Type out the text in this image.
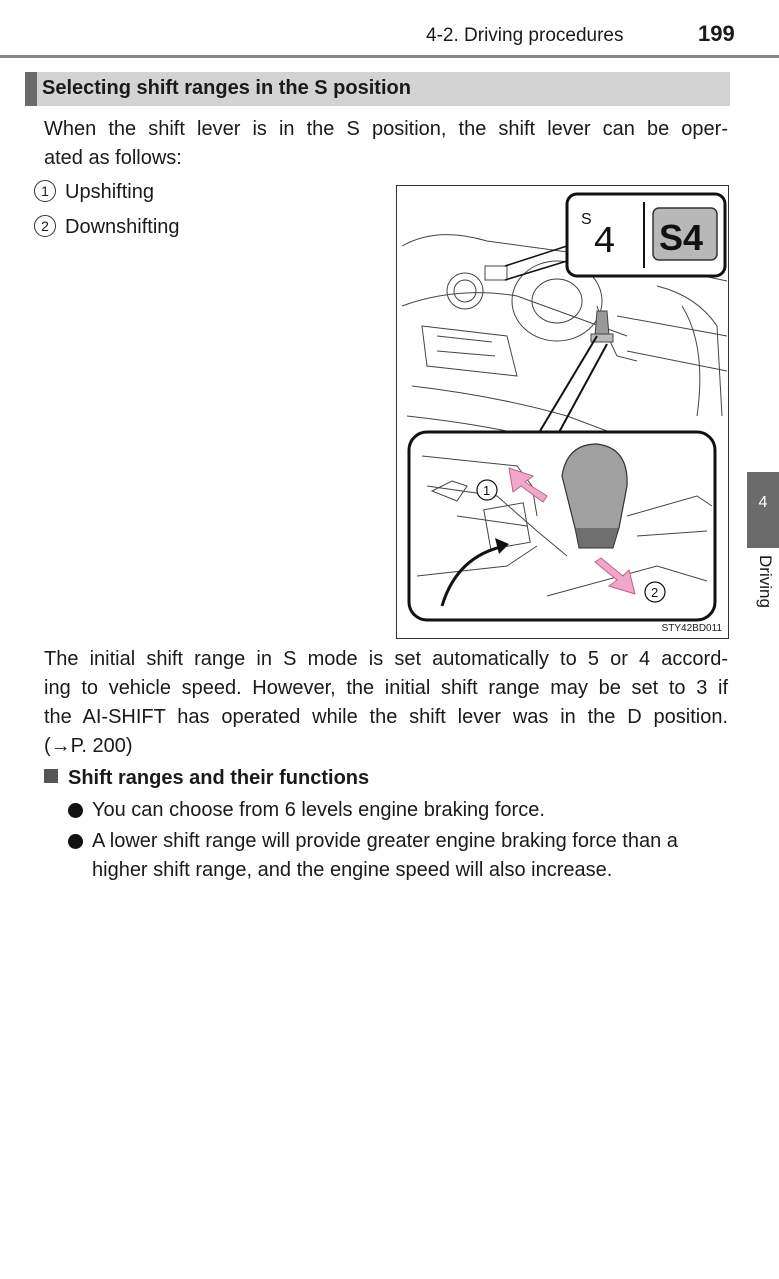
4-2. Driving procedures	199
Selecting shift ranges in the S position
When the shift lever is in the S position, the shift lever can be oper-
ated as follows:
1 Upshifting
2 Downshifting	S
4 S4
1
2
STY42BD011
The initial shift range in S mode is set automatically to 5 or 4 accord-
ing to vehicle speed. However, the initial shift range may be set to 3 if
the AI-SHIFT has operated while the shift lever was in the D position.
(→P. 200)
Shift ranges and their functions
You can choose from 6 levels engine braking force.
A lower shift range will provide greater engine braking force than a higher shift range, and the engine speed will also increase.
4
Driving
